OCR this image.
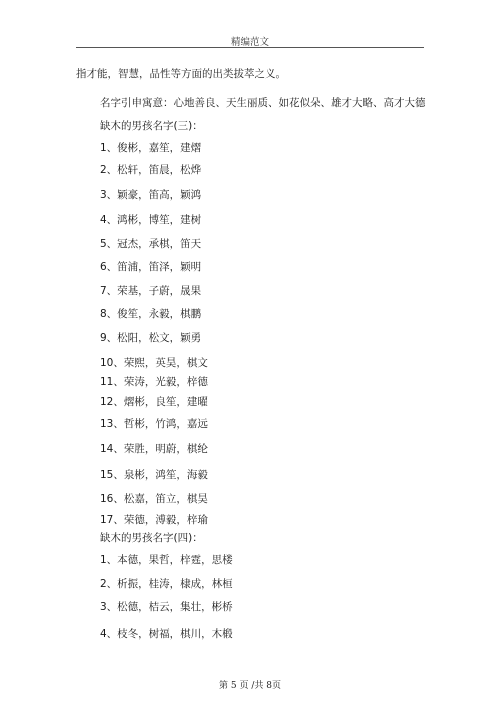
精编范文
指才能，智慧，品性等方面的出类拔萃之义。
名字引申寓意：心地善良、天生丽质、如花似朵、雄才大略、高才大德
缺木的男孩名字(三)：
1、俊彬，嘉笙，建熠
2、松轩，笛晨，松烨
3、颖豪，笛高，颖鸿
4、鸿彬，博笙，建树
5、冠杰，承棋，笛天
6、笛浦，笛泽，颖明
7、荣基，子蔚，晟果
8、俊笙，永毅，棋鹏
9、松阳，松文，颖勇
10、荣熙，英昊，棋文
11、荣涛，光毅，梓德
12、熠彬，良笙，建曜
13、哲彬，竹鸿，嘉远
14、荣胜，明蔚，棋纶
15、泉彬，鸿笙，海毅
16、松嘉，笛立，棋昊
17、荣德，溥毅，梓瑜
缺木的男孩名字(四)：
1、本德，果哲，梓霆，思楼
2、析振，桂涛，棣成，林桓
3、松德，桔云，集壮，彬桥
4、枝冬，树福，棋川，木椴
第 5 页 /共 8页
